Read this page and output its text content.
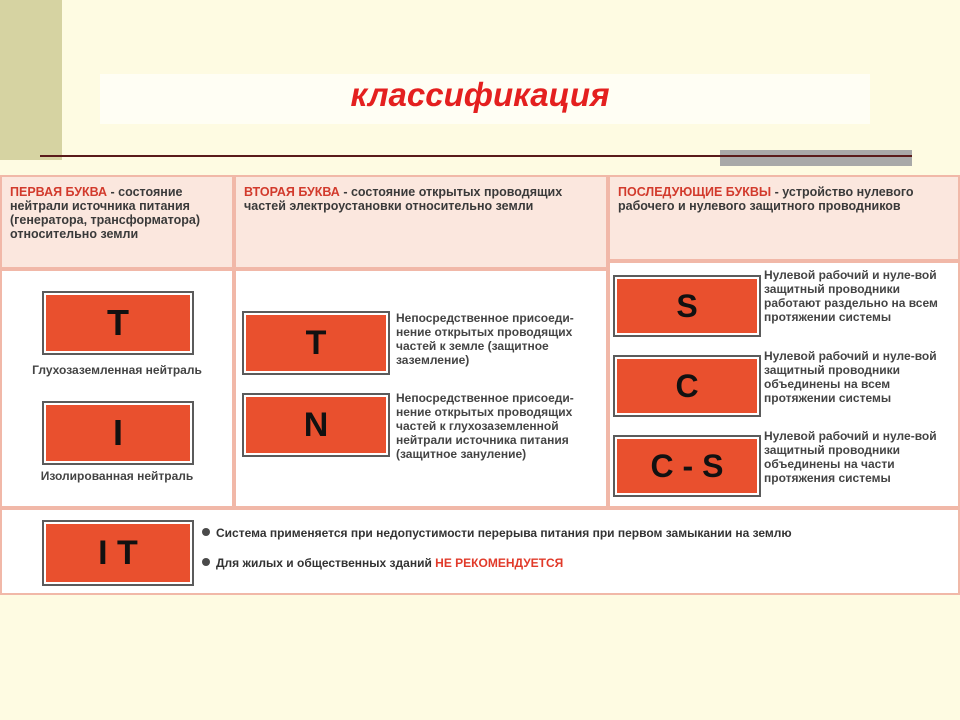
классификация
ПЕРВАЯ БУКВА - состояние нейтрали источника питания (генератора, трансформатора) относительно земли
ВТОРАЯ БУКВА - состояние открытых проводящих частей электроустановки относительно земли
ПОСЛЕДУЮЩИЕ БУКВЫ - устройство нулевого рабочего и нулевого защитного проводников
T
Глухозаземленная нейтраль
I
Изолированная нейтраль
T
Непосредственное присоеди-нение открытых проводящих частей к земле (защитное заземление)
N
Непосредственное присоеди-нение открытых проводящих частей к глухозаземленной нейтрали источника питания (защитное зануление)
S
Нулевой рабочий и нуле-вой защитный проводники работают раздельно на всем протяжении системы
C
Нулевой рабочий и нуле-вой защитный проводники объединены на всем протяжении системы
C - S
Нулевой рабочий и нуле-вой защитный проводники объединены на части протяжения системы
I T
Система применяется при недопустимости перерыва питания при первом замыкании на землю
Для жилых и общественных зданий НЕ РЕКОМЕНДУЕТСЯ
